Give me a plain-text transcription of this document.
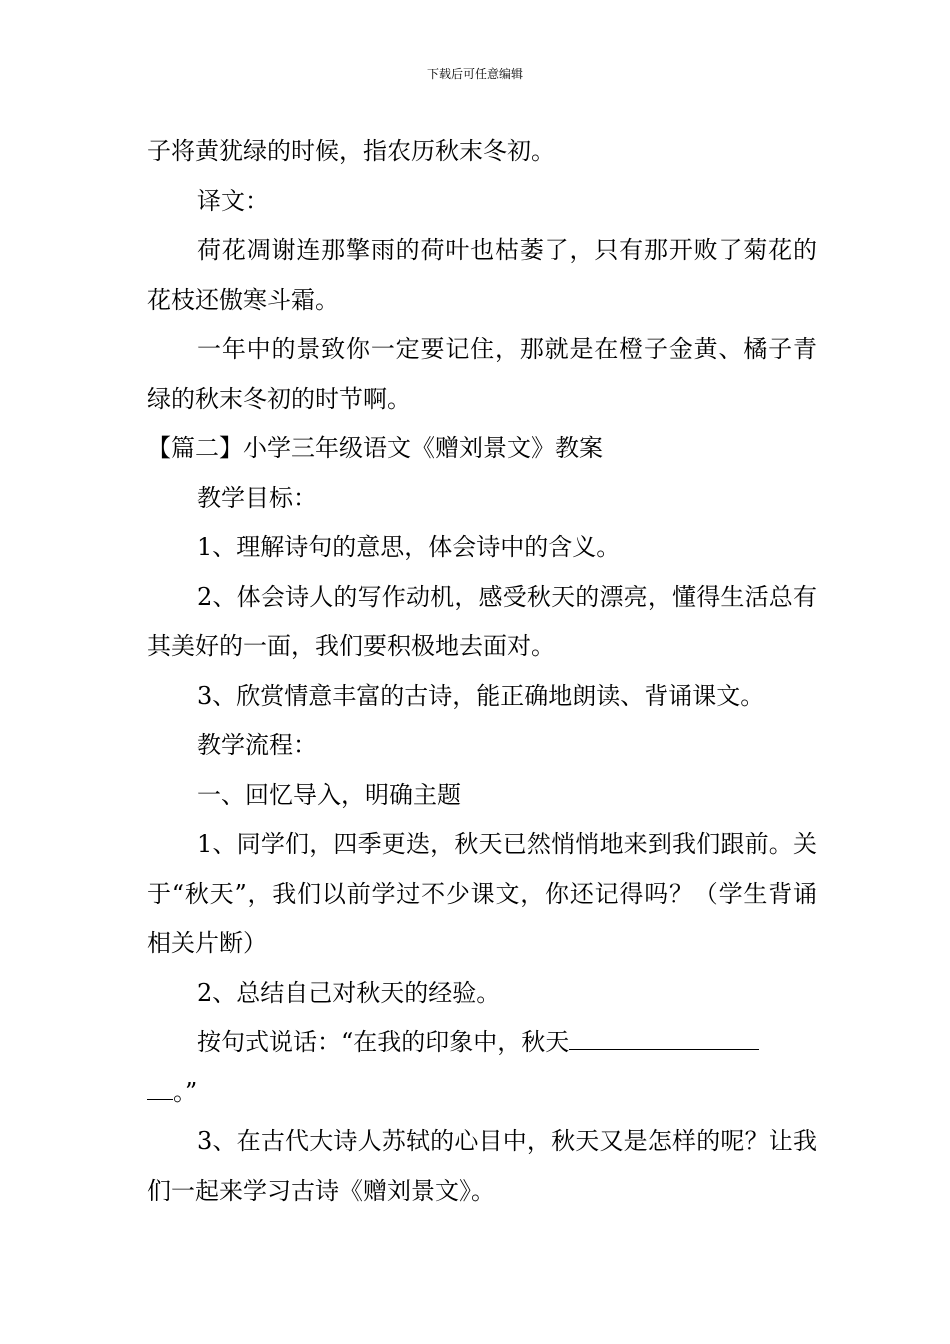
下载后可任意编辑

子将黄犹绿的时候，指农历秋末冬初。

译文：

荷花凋谢连那擎雨的荷叶也枯萎了，只有那开败了菊花的花枝还傲寒斗霜。

一年中的景致你一定要记住，那就是在橙子金黄、橘子青绿的秋末冬初的时节啊。

【篇二】小学三年级语文《赠刘景文》教案

教学目标：

1、理解诗句的意思，体会诗中的含义。

2、体会诗人的写作动机，感受秋天的漂亮，懂得生活总有其美好的一面，我们要积极地去面对。

3、欣赏情意丰富的古诗，能正确地朗读、背诵课文。

教学流程：

一、回忆导入，明确主题

1、同学们，四季更迭，秋天已然悄悄地来到我们跟前。关于“秋天”，我们以前学过不少课文，你还记得吗？（学生背诵相关片断）

2、总结自己对秋天的经验。

按句式说话：“在我的印象中，秋天
。”

3、在古代大诗人苏轼的心目中，秋天又是怎样的呢？让我们一起来学习古诗《赠刘景文》。
